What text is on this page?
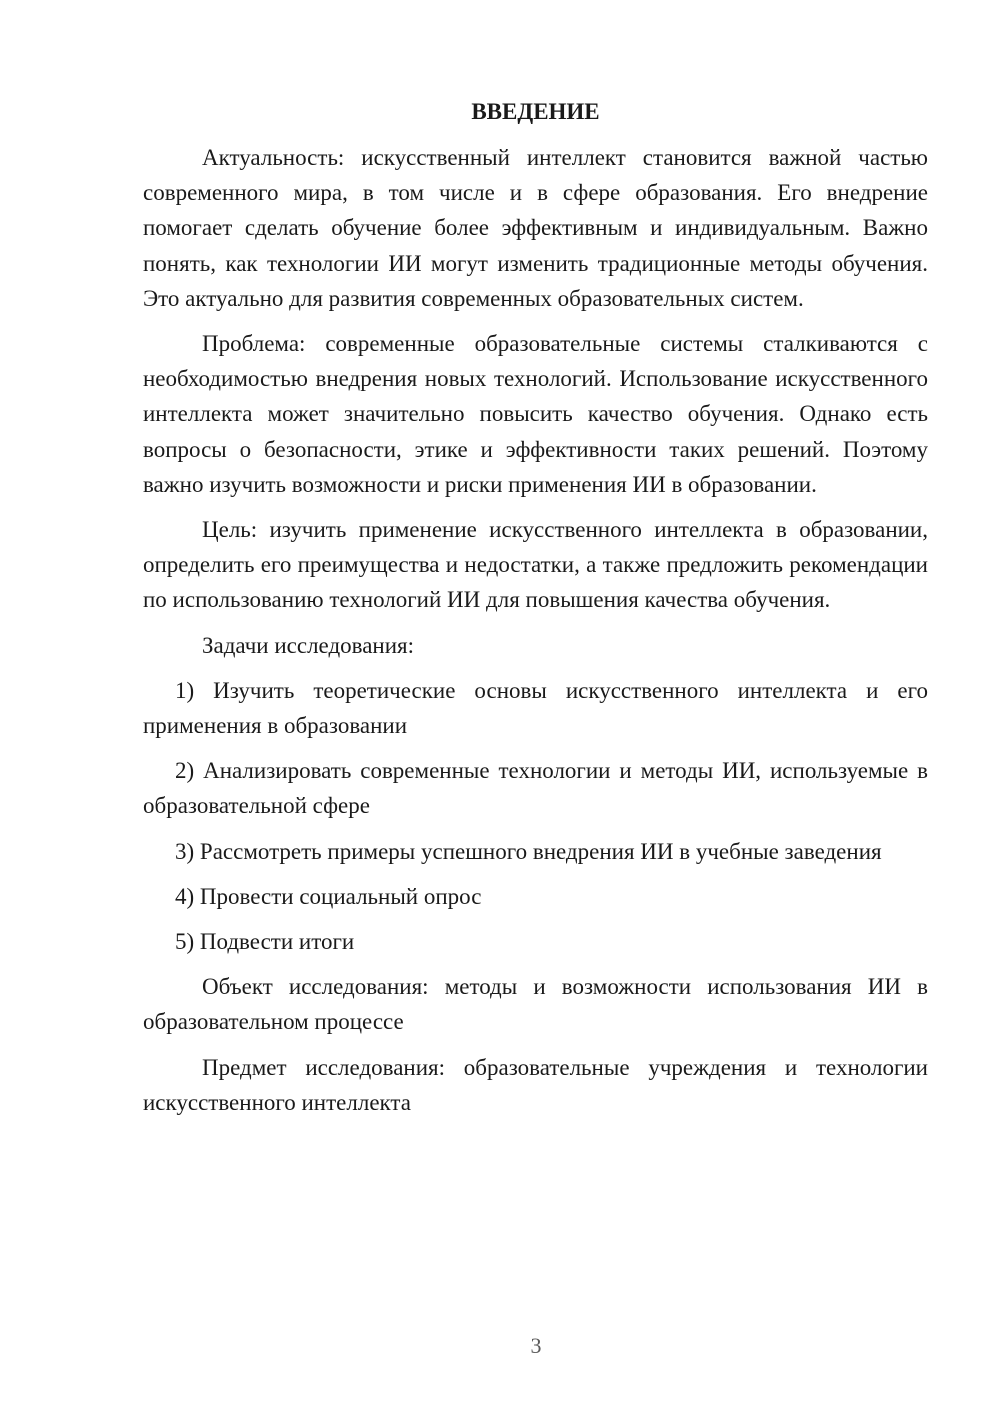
ВВЕДЕНИЕ

Актуальность: искусственный интеллект становится важной частью современного мира, в том числе и в сфере образования. Его внедрение помогает сделать обучение более эффективным и индивидуальным. Важно понять, как технологии ИИ могут изменить традиционные методы обучения. Это актуально для развития современных образовательных систем.

Проблема: современные образовательные системы сталкиваются с необходимостью внедрения новых технологий. Использование искусственного интеллекта может значительно повысить качество обучения. Однако есть вопросы о безопасности, этике и эффективности таких решений. Поэтому важно изучить возможности и риски применения ИИ в образовании.

Цель: изучить применение искусственного интеллекта в образовании, определить его преимущества и недостатки, а также предложить рекомендации по использованию технологий ИИ для повышения качества обучения.

Задачи исследования:

1) Изучить теоретические основы искусственного интеллекта и его применения в образовании

2) Анализировать современные технологии и методы ИИ, используемые в образовательной сфере

3) Рассмотреть примеры успешного внедрения ИИ в учебные заведения

4) Провести социальный опрос

5) Подвести итоги

Объект исследования: методы и возможности использования ИИ в образовательном процессе

Предмет исследования: образовательные учреждения и технологии искусственного интеллекта

3
